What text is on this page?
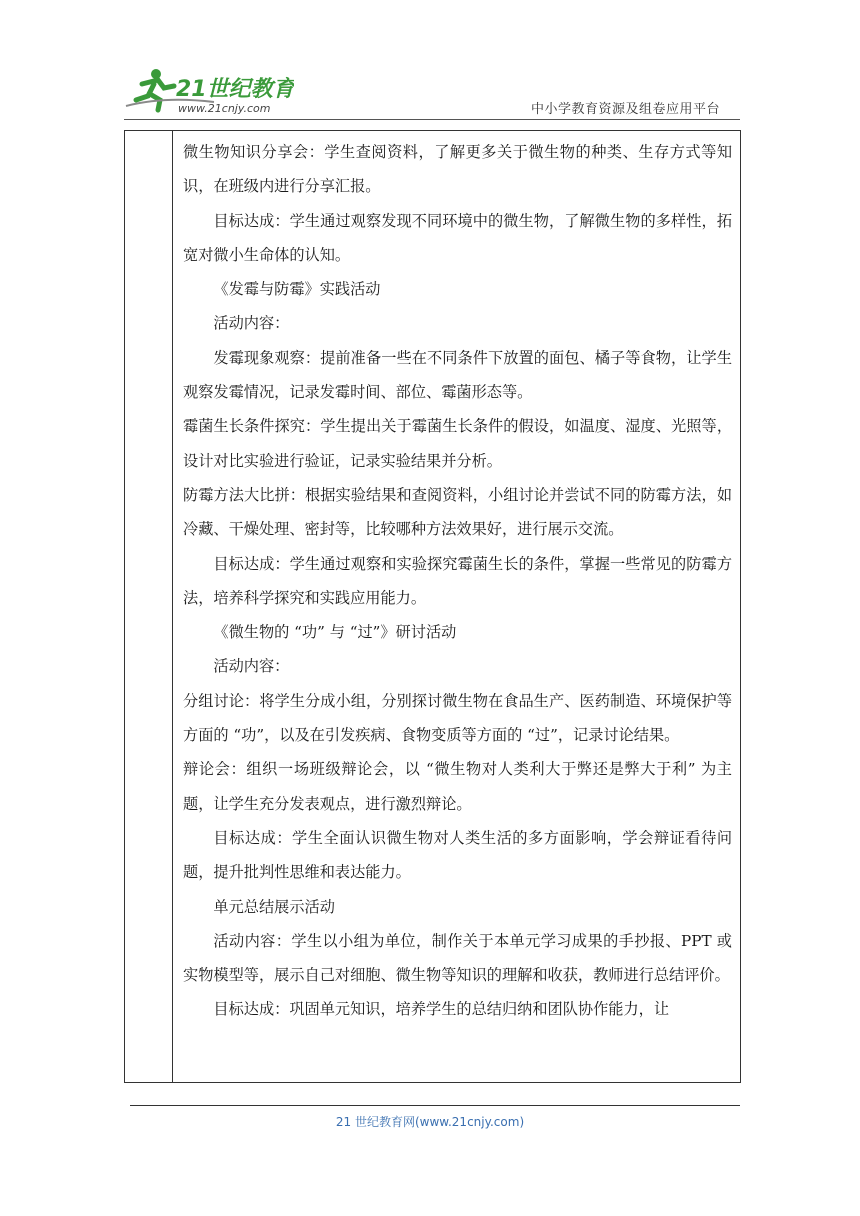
21世纪教育
www.21cnjy.com	中小学教育资源及组卷应用平台

微生物知识分享会：学生查阅资料，了解更多关于微生物的种类、生存方式等知识，在班级内进行分享汇报。

目标达成：学生通过观察发现不同环境中的微生物，了解微生物的多样性，拓宽对微小生命体的认知。

《发霉与防霉》实践活动

活动内容：

发霉现象观察：提前准备一些在不同条件下放置的面包、橘子等食物，让学生观察发霉情况，记录发霉时间、部位、霉菌形态等。

霉菌生长条件探究：学生提出关于霉菌生长条件的假设，如温度、湿度、光照等，设计对比实验进行验证，记录实验结果并分析。

防霉方法大比拼：根据实验结果和查阅资料，小组讨论并尝试不同的防霉方法，如冷藏、干燥处理、密封等，比较哪种方法效果好，进行展示交流。

目标达成：学生通过观察和实验探究霉菌生长的条件，掌握一些常见的防霉方法，培养科学探究和实践应用能力。

《微生物的 “功” 与 “过”》研讨活动

活动内容：

分组讨论：将学生分成小组，分别探讨微生物在食品生产、医药制造、环境保护等方面的 “功”，以及在引发疾病、食物变质等方面的 “过”，记录讨论结果。

辩论会：组织一场班级辩论会，以 “微生物对人类利大于弊还是弊大于利” 为主题，让学生充分发表观点，进行激烈辩论。

目标达成：学生全面认识微生物对人类生活的多方面影响，学会辩证看待问题，提升批判性思维和表达能力。

单元总结展示活动

活动内容：学生以小组为单位，制作关于本单元学习成果的手抄报、PPT 或实物模型等，展示自己对细胞、微生物等知识的理解和收获，教师进行总结评价。

目标达成：巩固单元知识，培养学生的总结归纳和团队协作能力，让

21 世纪教育网(www.21cnjy.com)
